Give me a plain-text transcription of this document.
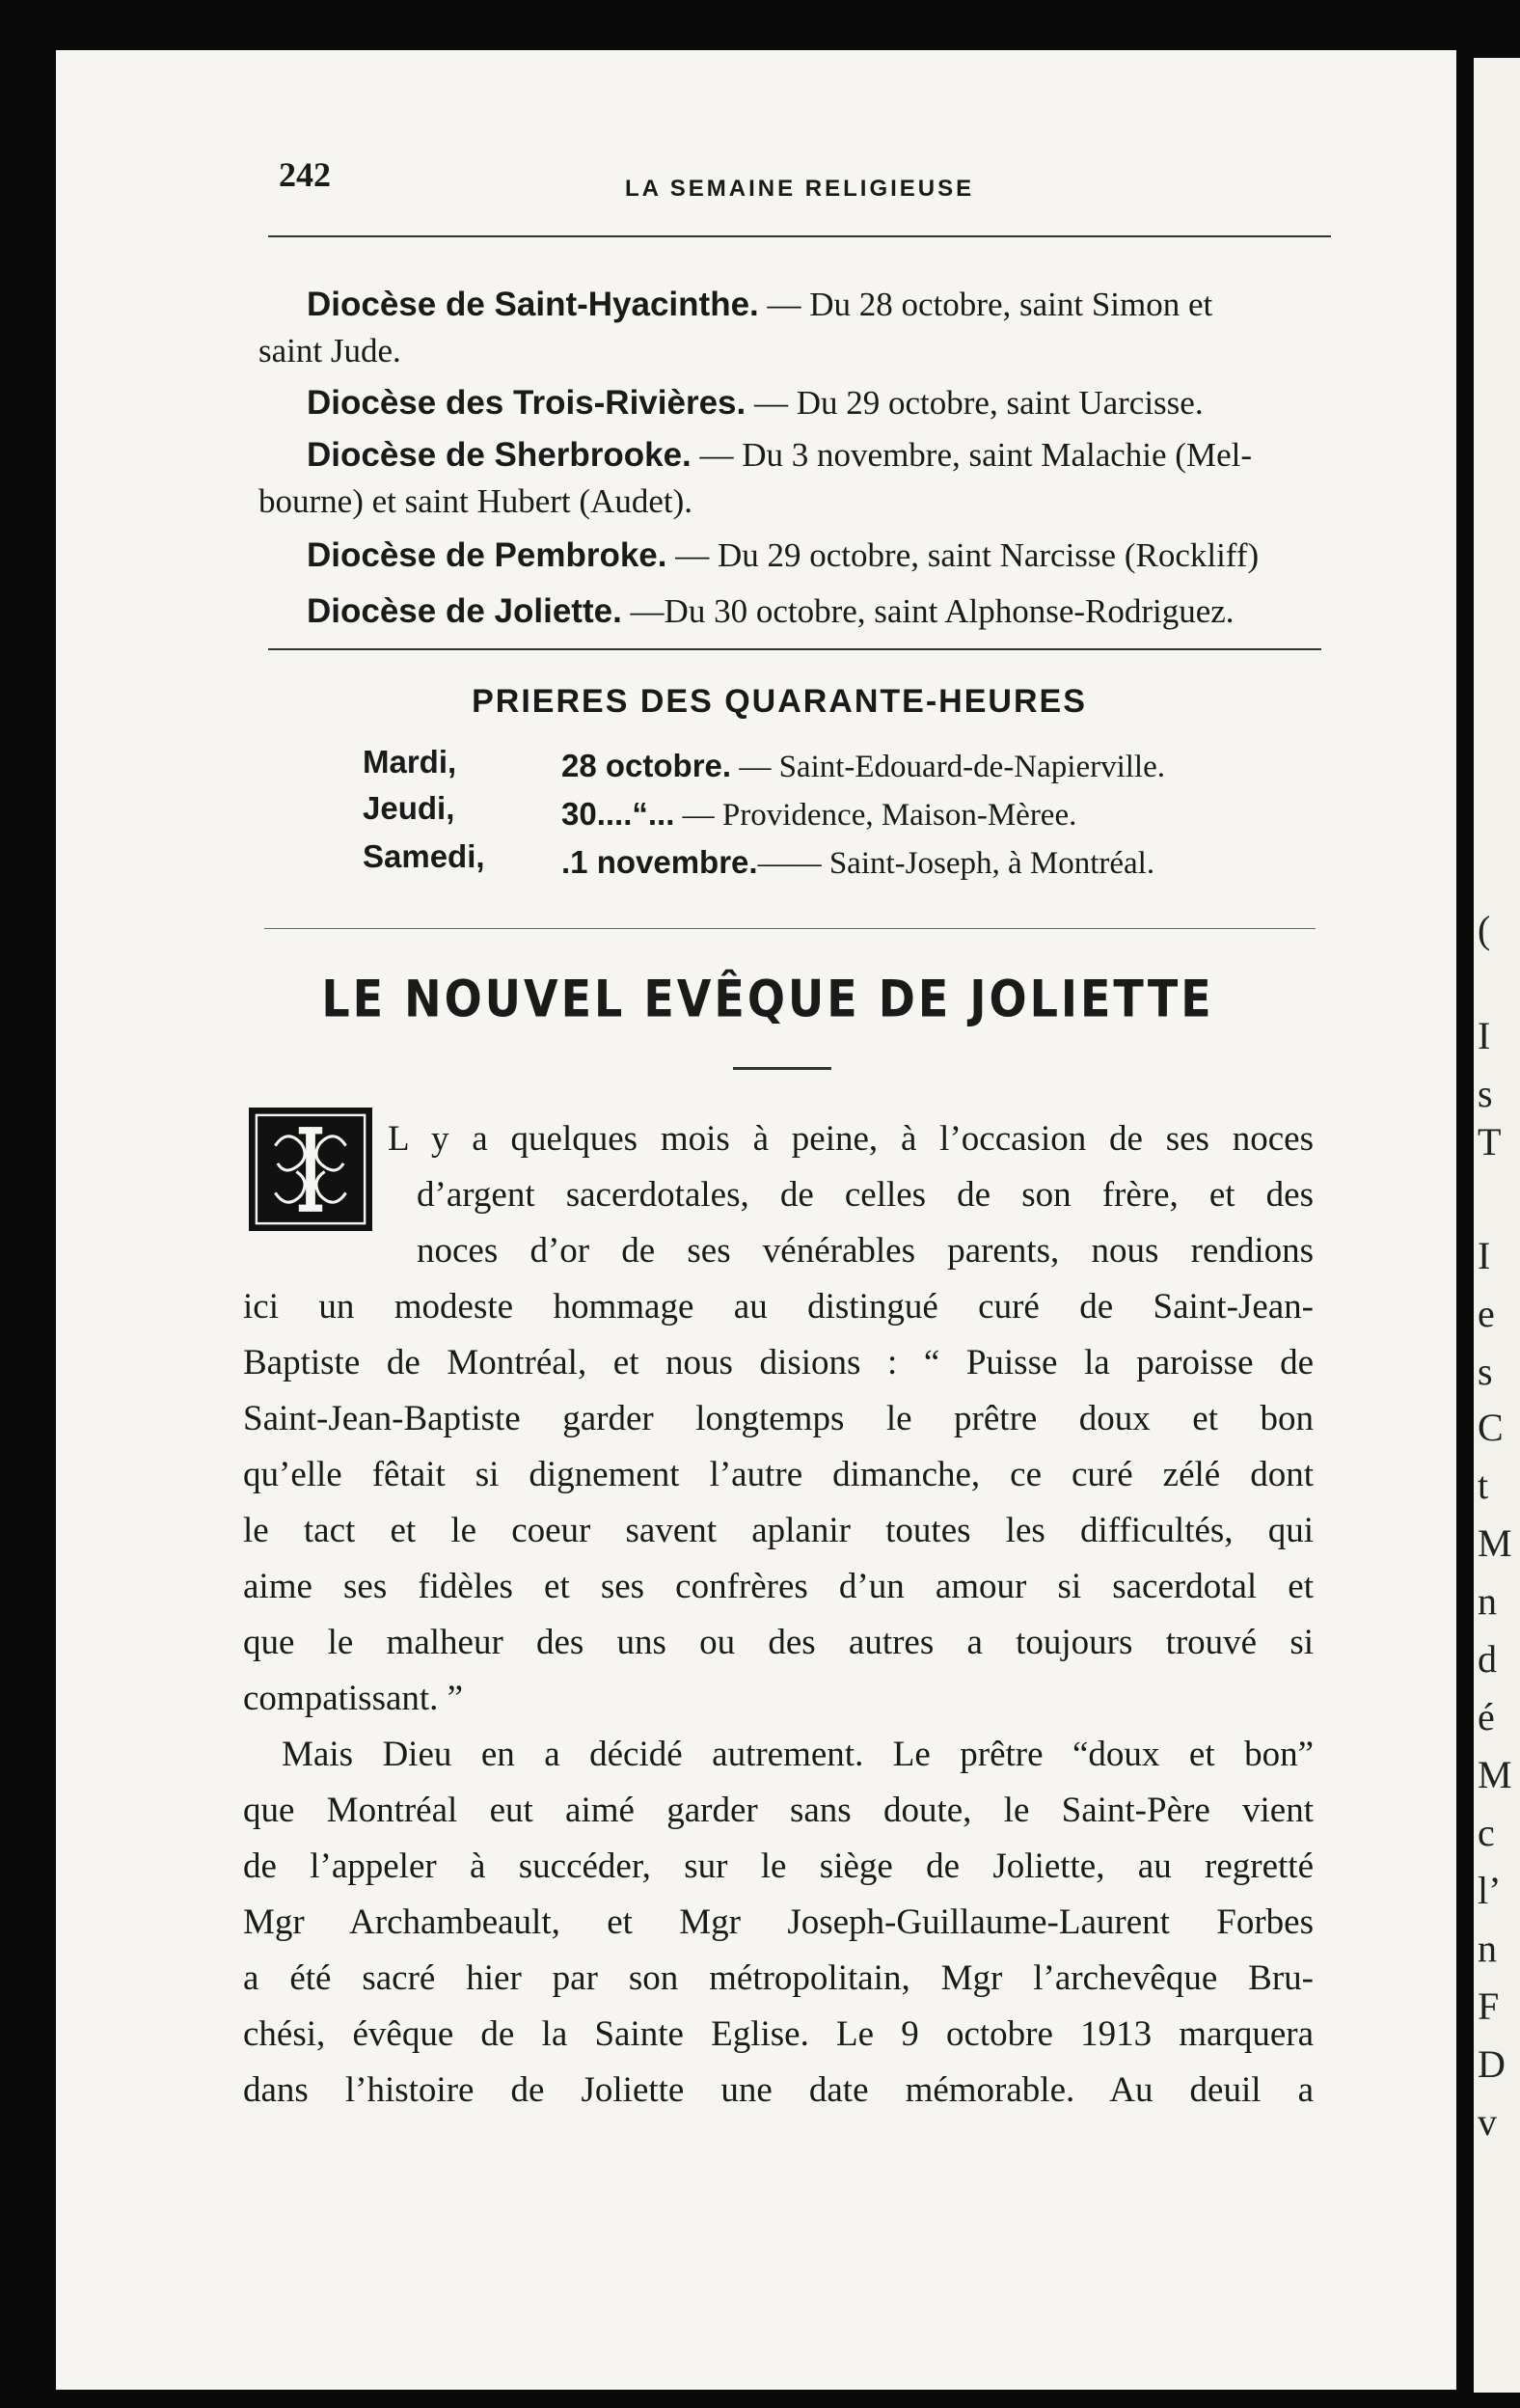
(
I
s
T
I
e
s
C
t
M
n
d
é
M
c
l’
n
F
D
v
242	LA SEMAINE RELIGIEUSE
Diocèse de Saint-Hyacinthe. — Du 28 octobre, saint Simon et
saint Jude.
Diocèse des Trois-Rivières. — Du 29 octobre, saint Uarcisse.
Diocèse de Sherbrooke. — Du 3 novembre, saint Malachie (Mel-
bourne) et saint Hubert (Audet).
Diocèse de Pembroke. — Du 29 octobre, saint Narcisse (Rockliff)
Diocèse de Joliette. —Du 30 octobre, saint Alphonse-Rodriguez.
PRIERES DES QUARANTE-HEURES
Mardi,	28 octobre. — Saint-Edouard-de-Napierville.
Jeudi,	30....“... — Providence, Maison-Mèree.
Samedi, .1 novembre.—— Saint-Joseph, à Montréal.
LE NOUVEL EVÊQUE DE JOLIETTE
L y a quelques mois à peine, à l’occasion de ses noces
d’argent sacerdotales, de celles de son frère, et des
noces d’or de ses vénérables parents, nous rendions
ici un modeste hommage au distingué curé de Saint-Jean-
Baptiste de Montréal, et nous disions : “ Puisse la paroisse de
Saint-Jean-Baptiste garder longtemps le prêtre doux et bon
qu’elle fêtait si dignement l’autre dimanche, ce curé zélé dont
le tact et le coeur savent aplanir toutes les difficultés, qui
aime ses fidèles et ses confrères d’un amour si sacerdotal et
que le malheur des uns ou des autres a toujours trouvé si
compatissant. ”
Mais Dieu en a décidé autrement. Le prêtre “doux et bon”
que Montréal eut aimé garder sans doute, le Saint-Père vient
de l’appeler à succéder, sur le siège de Joliette, au regretté
Mgr Archambeault, et Mgr Joseph-Guillaume-Laurent Forbes
a été sacré hier par son métropolitain, Mgr l’archevêque Bru-
chési, évêque de la Sainte Eglise. Le 9 octobre 1913 marquera
dans l’histoire de Joliette une date mémorable. Au deuil a
